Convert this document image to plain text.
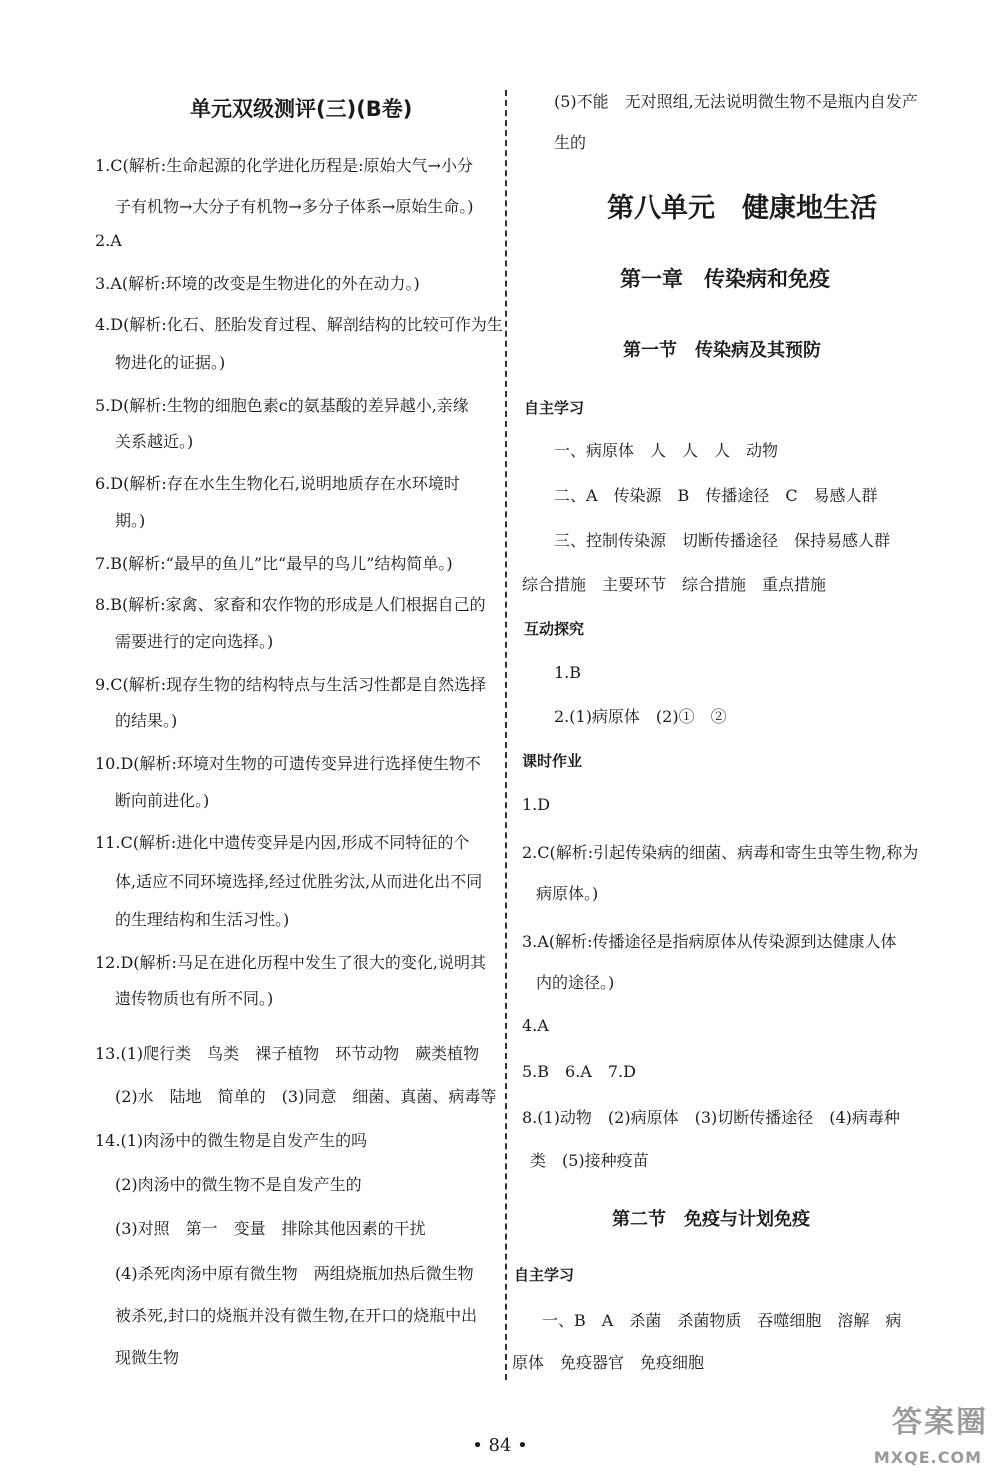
单元双级测评(三)(B卷)
1.C(解析:生命起源的化学进化历程是:原始大气→小分
子有机物→大分子有机物→多分子体系→原始生命。)
2.A
3.A(解析:环境的改变是生物进化的外在动力。)
4.D(解析:化石、胚胎发育过程、解剖结构的比较可作为生
物进化的证据。)
5.D(解析:生物的细胞色素c的氨基酸的差异越小,亲缘
关系越近。)
6.D(解析:存在水生生物化石,说明地质存在水环境时
期。)
7.B(解析:“最早的鱼儿”比“最早的鸟儿”结构简单。)
8.B(解析:家禽、家畜和农作物的形成是人们根据自己的
需要进行的定向选择。)
9.C(解析:现存生物的结构特点与生活习性都是自然选择
的结果。)
10.D(解析:环境对生物的可遗传变异进行选择使生物不
断向前进化。)
11.C(解析:进化中遗传变异是内因,形成不同特征的个
体,适应不同环境选择,经过优胜劣汰,从而进化出不同
的生理结构和生活习性。)
12.D(解析:马足在进化历程中发生了很大的变化,说明其
遗传物质也有所不同。)
13.(1)爬行类　鸟类　裸子植物　环节动物　蕨类植物
(2)水　陆地　简单的　(3)同意　细菌、真菌、病毒等
14.(1)肉汤中的微生物是自发产生的吗
(2)肉汤中的微生物不是自发产生的
(3)对照　第一　变量　排除其他因素的干扰
(4)杀死肉汤中原有微生物　两组烧瓶加热后微生物
被杀死,封口的烧瓶并没有微生物,在开口的烧瓶中出
现微生物
(5)不能　无对照组,无法说明微生物不是瓶内自发产
生的
第八单元　健康地生活
第一章　传染病和免疫
第一节　传染病及其预防
自主学习
一、病原体　人　人　人　动物
二、A　传染源　B　传播途径　C　易感人群
三、控制传染源　切断传播途径　保持易感人群
综合措施　主要环节　综合措施　重点措施
互动探究
1.B
2.(1)病原体　(2)①　②
课时作业
1.D
2.C(解析:引起传染病的细菌、病毒和寄生虫等生物,称为
病原体。)
3.A(解析:传播途径是指病原体从传染源到达健康人体
内的途径。)
4.A
5.B　6.A　7.D
8.(1)动物　(2)病原体　(3)切断传播途径　(4)病毒种
类　(5)接种疫苗
第二节　免疫与计划免疫
自主学习
一、B　A　杀菌　杀菌物质　吞噬细胞　溶解　病
原体　免疫器官　免疫细胞
• 84 •
答案圈
MXQE.COM
